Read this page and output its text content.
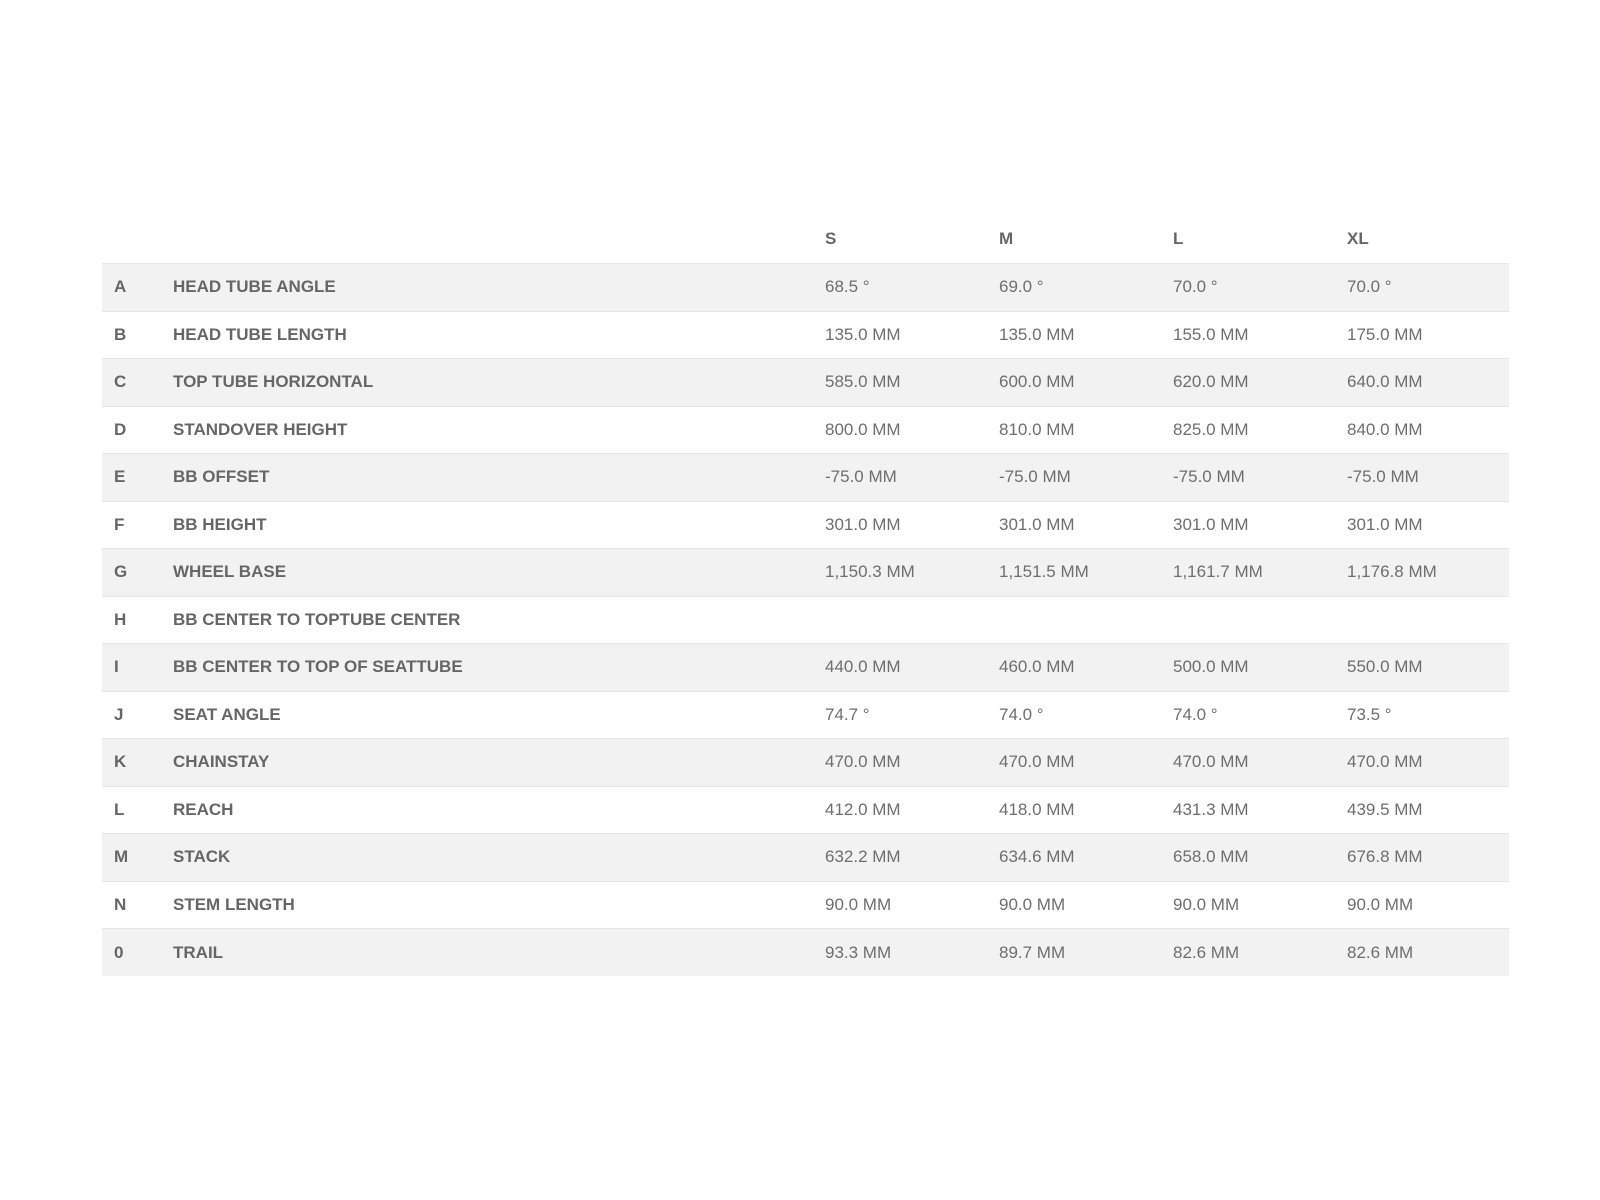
		S	M	L	XL
A	HEAD TUBE ANGLE	68.5 °	69.0 °	70.0 °	70.0 °
B	HEAD TUBE LENGTH	135.0 MM	135.0 MM	155.0 MM	175.0 MM
C	TOP TUBE HORIZONTAL	585.0 MM	600.0 MM	620.0 MM	640.0 MM
D	STANDOVER HEIGHT	800.0 MM	810.0 MM	825.0 MM	840.0 MM
E	BB OFFSET	-75.0 MM	-75.0 MM	-75.0 MM	-75.0 MM
F	BB HEIGHT	301.0 MM	301.0 MM	301.0 MM	301.0 MM
G	WHEEL BASE	1,150.3 MM	1,151.5 MM	1,161.7 MM	1,176.8 MM
H	BB CENTER TO TOPTUBE CENTER				
I	BB CENTER TO TOP OF SEATTUBE	440.0 MM	460.0 MM	500.0 MM	550.0 MM
J	SEAT ANGLE	74.7 °	74.0 °	74.0 °	73.5 °
K	CHAINSTAY	470.0 MM	470.0 MM	470.0 MM	470.0 MM
L	REACH	412.0 MM	418.0 MM	431.3 MM	439.5 MM
M	STACK	632.2 MM	634.6 MM	658.0 MM	676.8 MM
N	STEM LENGTH	90.0 MM	90.0 MM	90.0 MM	90.0 MM
0	TRAIL	93.3 MM	89.7 MM	82.6 MM	82.6 MM
